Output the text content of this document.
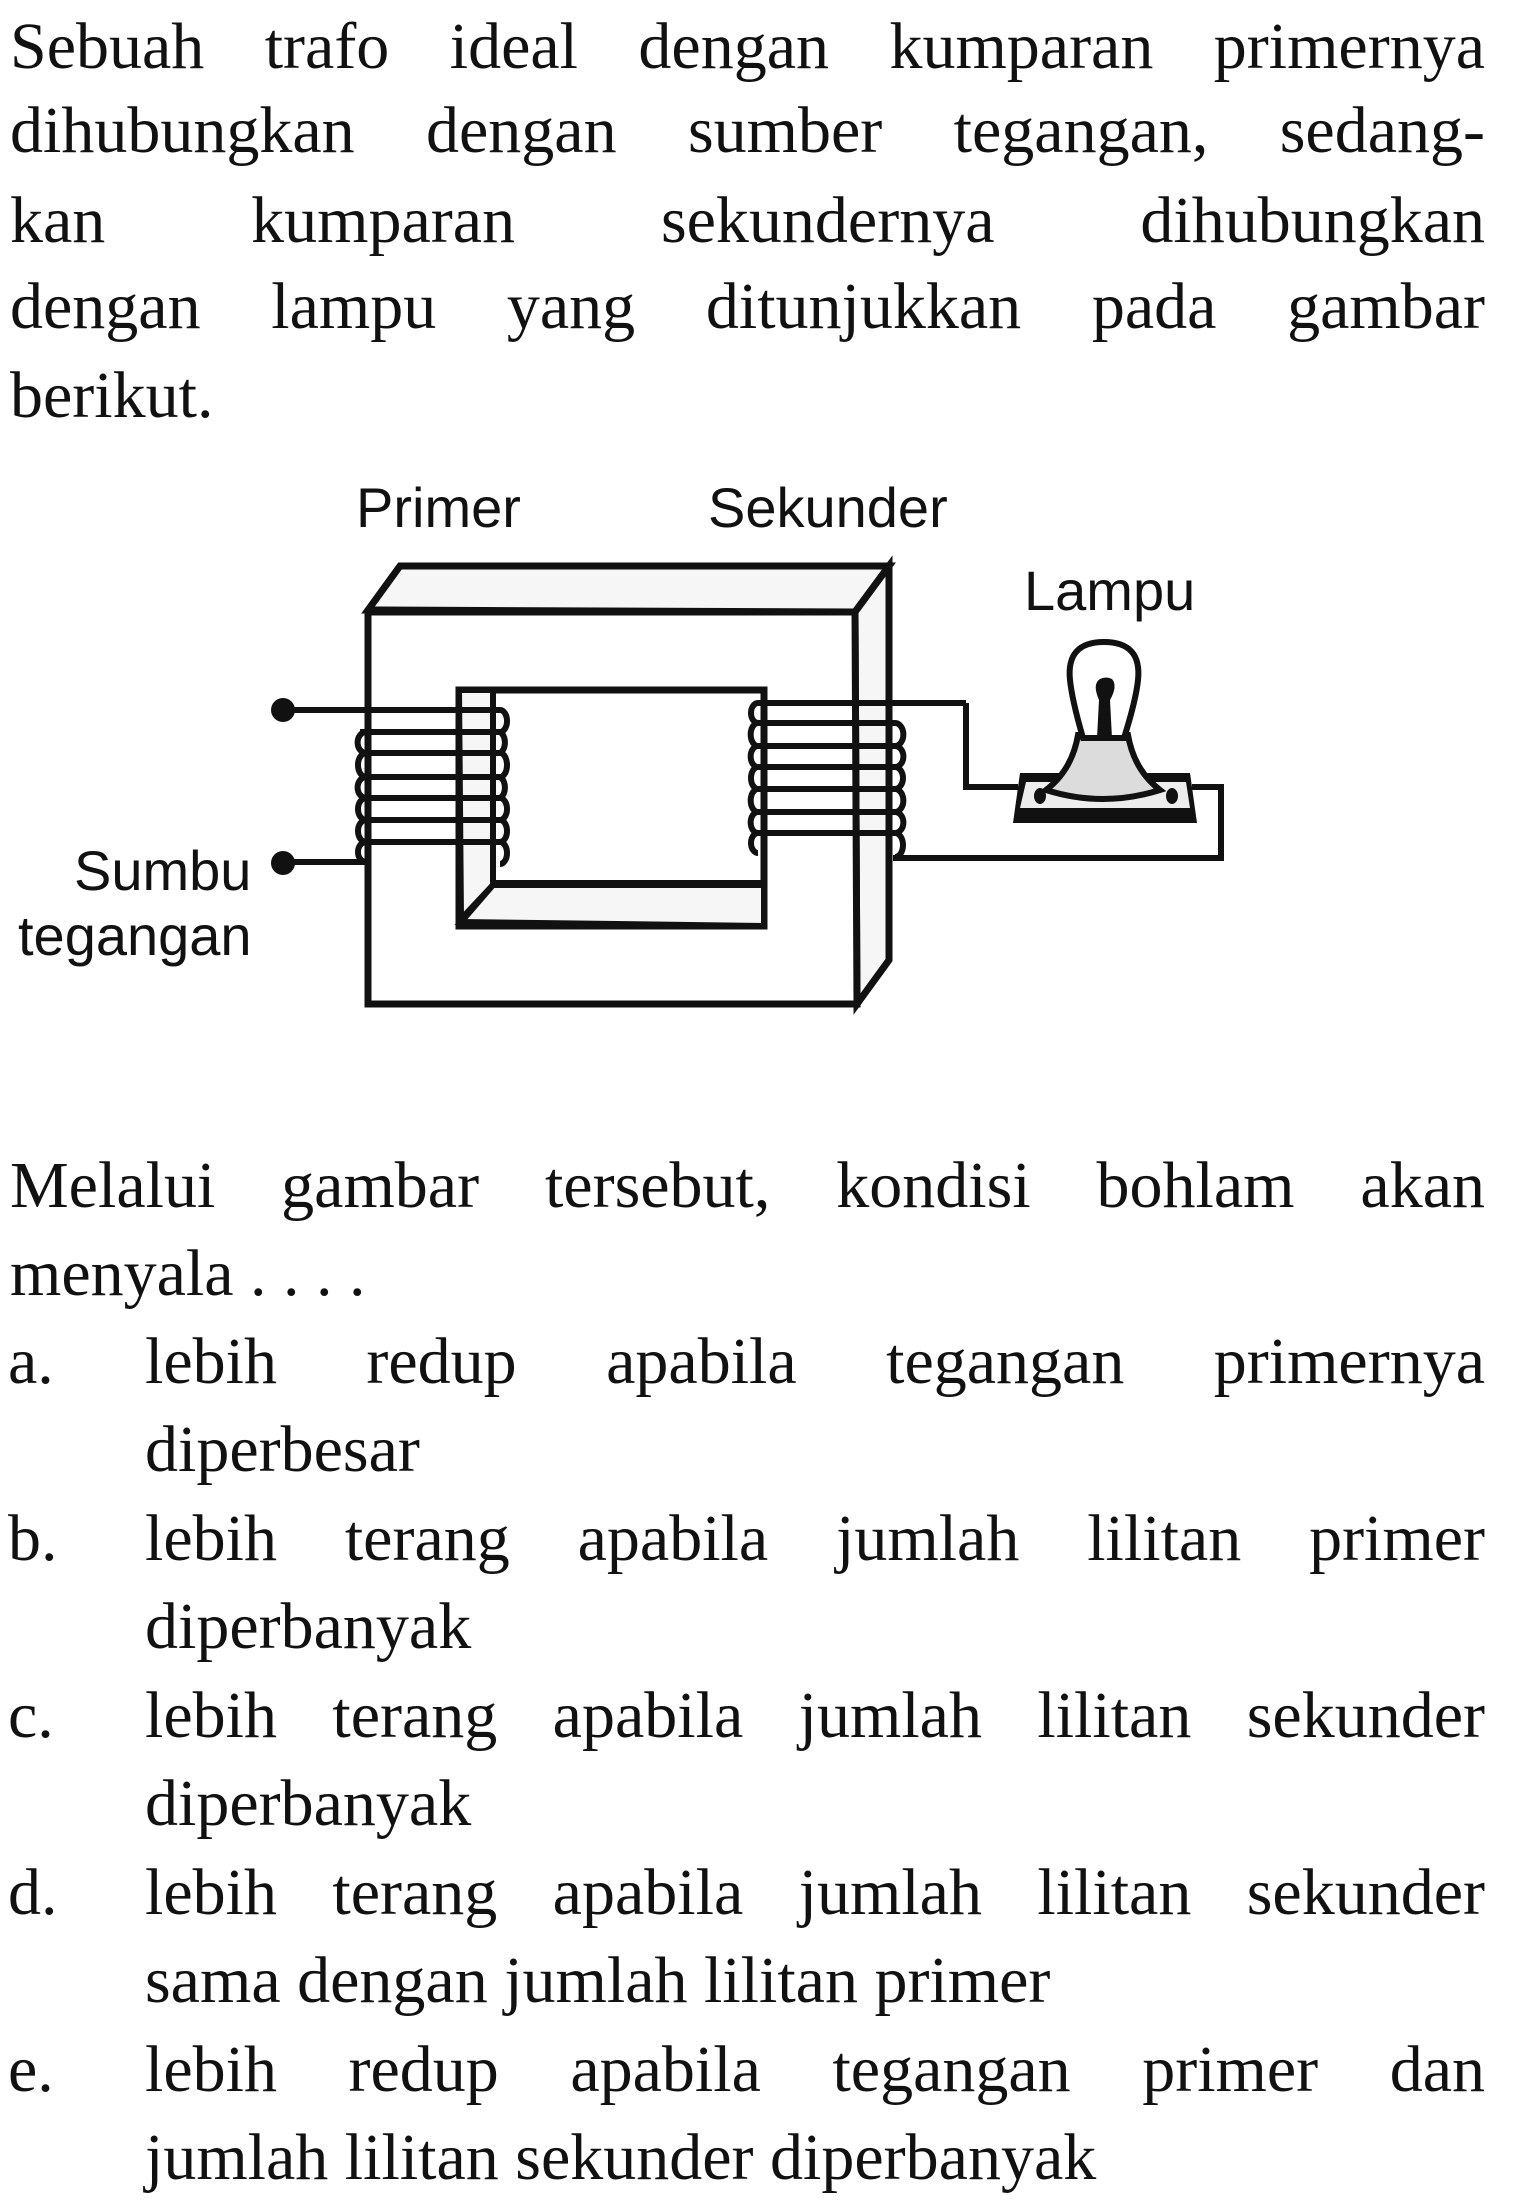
Sebuah trafo ideal dengan kumparan primernya
dihubungkan dengan sumber tegangan, sedang-
kan kumparan sekundernya dihubungkan
dengan lampu yang ditunjukkan pada gambar
berikut.
Primer	Sekunder
Lampu
Sumbu
tegangan
Melalui gambar tersebut, kondisi bohlam akan
menyala . . . .
a.	lebih redup apabila tegangan primernya
diperbesar
b.	lebih terang apabila jumlah lilitan primer
diperbanyak
c.	lebih terang apabila jumlah lilitan sekunder
diperbanyak
d.	lebih terang apabila jumlah lilitan sekunder
sama dengan jumlah lilitan primer
e.	lebih redup apabila tegangan primer dan
jumlah lilitan sekunder diperbanyak
